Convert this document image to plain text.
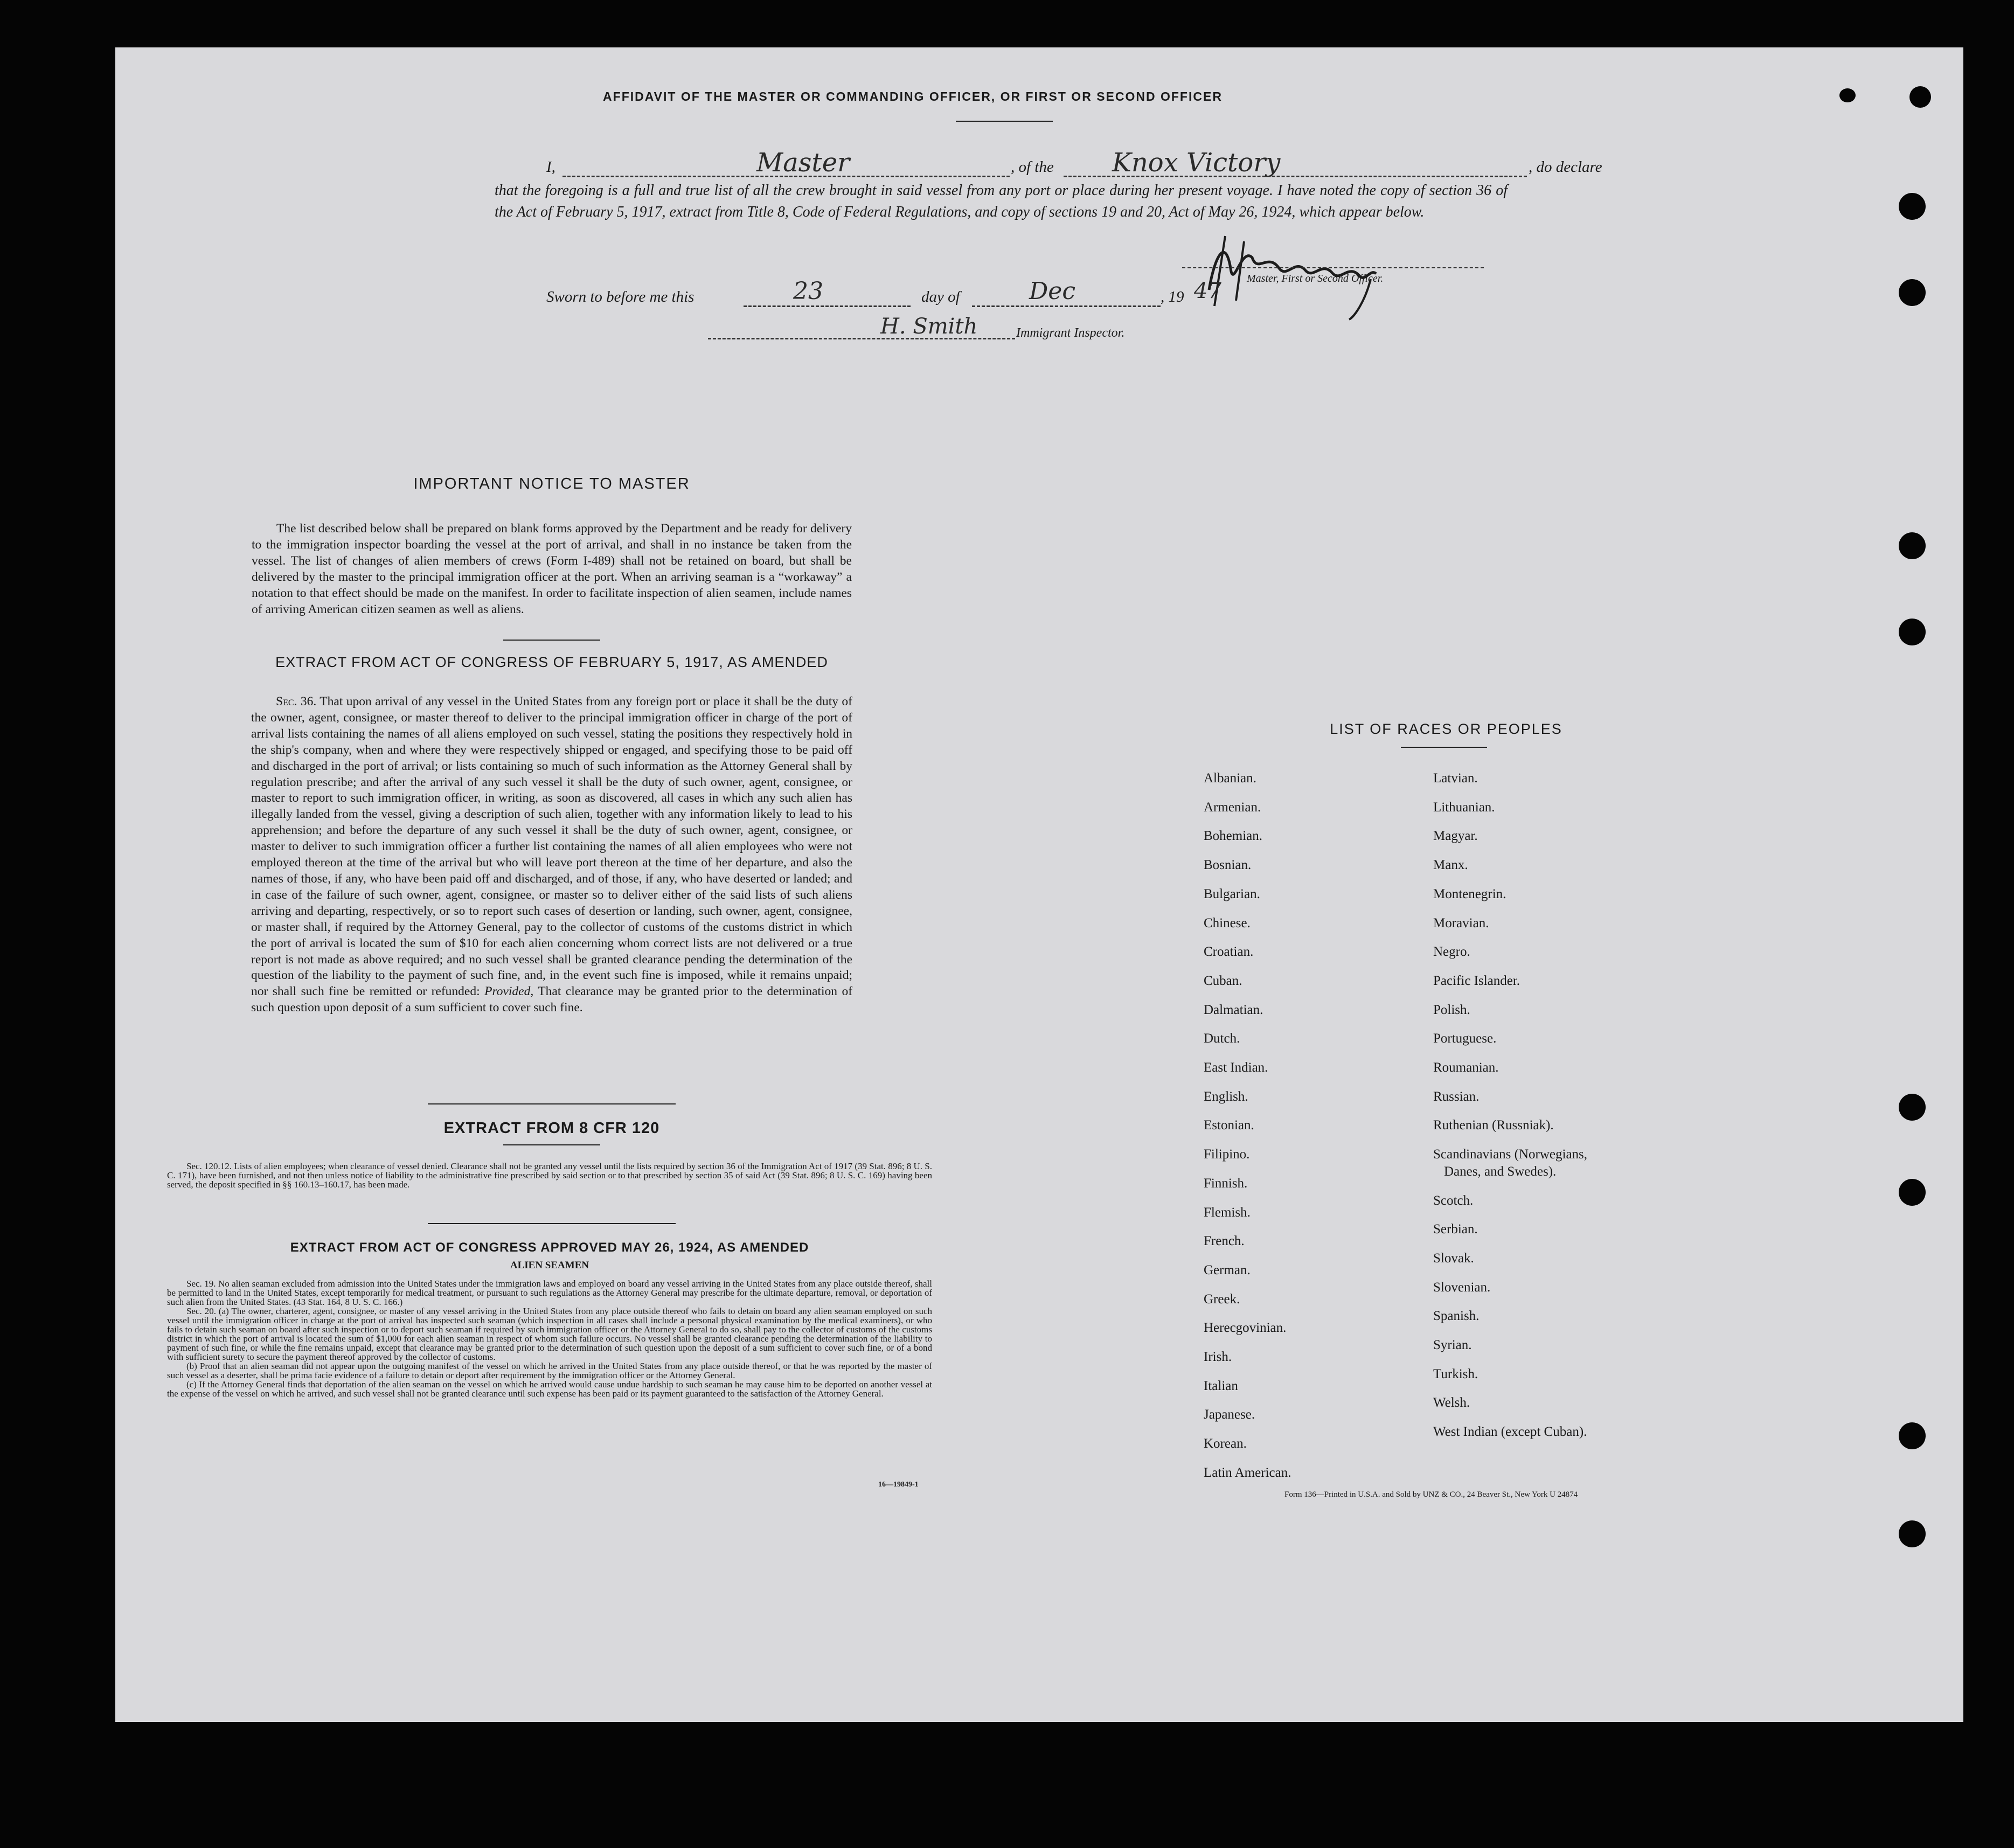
AFFIDAVIT OF THE MASTER OR COMMANDING OFFICER, OR FIRST OR SECOND OFFICER
I,	Master	, of the Knox Victory	, do declare
that the foregoing is a full and true list of all the crew brought in said vessel from any port or place during her present voyage. I have noted the copy of section 36 of the Act of February 5, 1917, extract from Title 8, Code of Federal Regulations, and copy of sections 19 and 20, Act of May 26, 1924, which appear below.
Master, First or Second Officer.
Sworn to before me this	23	day of	Dec	, 19 47
H. Smith	Immigrant Inspector.
IMPORTANT NOTICE TO MASTER
The list described below shall be prepared on blank forms approved by the Department and be ready for delivery to the immigration inspector boarding the vessel at the port of arrival, and shall in no instance be taken from the vessel. The list of changes of alien members of crews (Form I-489) shall not be retained on board, but shall be delivered by the master to the principal immigration officer at the port. When an arriving seaman is a “workaway” a notation to that effect should be made on the manifest. In order to facilitate inspection of alien seamen, include names of arriving American citizen seamen as well as aliens.
EXTRACT FROM ACT OF CONGRESS OF FEBRUARY 5, 1917, AS AMENDED
Sec. 36. That upon arrival of any vessel in the United States from any foreign port or place it shall be the duty of the owner, agent, consignee, or master thereof to deliver to the principal immigration officer in charge of the port of arrival lists containing the names of all aliens employed on such vessel, stating the positions they respectively hold in the ship's company, when and where they were respectively shipped or engaged, and specifying those to be paid off and discharged in the port of arrival; or lists containing so much of such information as the Attorney General shall by regulation prescribe; and after the arrival of any such vessel it shall be the duty of such owner, agent, consignee, or master to report to such immigration officer, in writing, as soon as discovered, all cases in which any such alien has illegally landed from the vessel, giving a description of such alien, together with any information likely to lead to his apprehension; and before the departure of any such vessel it shall be the duty of such owner, agent, consignee, or master to deliver to such immigration officer a further list containing the names of all alien employees who were not employed thereon at the time of the arrival but who will leave port thereon at the time of her departure, and also the names of those, if any, who have been paid off and discharged, and of those, if any, who have deserted or landed; and in case of the failure of such owner, agent, consignee, or master so to deliver either of the said lists of such aliens arriving and departing, respectively, or so to report such cases of desertion or landing, such owner, agent, consignee, or master shall, if required by the Attorney General, pay to the collector of customs of the customs district in which the port of arrival is located the sum of $10 for each alien concerning whom correct lists are not delivered or a true report is not made as above required; and no such vessel shall be granted clearance pending the determination of the question of the liability to the payment of such fine, and, in the event such fine is imposed, while it remains unpaid; nor shall such fine be remitted or refunded: Provided, That clearance may be granted prior to the determination of such question upon deposit of a sum sufficient to cover such fine.
EXTRACT FROM 8 CFR 120
Sec. 120.12. Lists of alien employees; when clearance of vessel denied. Clearance shall not be granted any vessel until the lists required by section 36 of the Immigration Act of 1917 (39 Stat. 896; 8 U. S. C. 171), have been furnished, and not then unless notice of liability to the administrative fine prescribed by said section or to that prescribed by section 35 of said Act (39 Stat. 896; 8 U. S. C. 169) having been served, the deposit specified in §§ 160.13–160.17, has been made.
EXTRACT FROM ACT OF CONGRESS APPROVED MAY 26, 1924, AS AMENDED
ALIEN SEAMEN
Sec. 19. No alien seaman excluded from admission into the United States under the immigration laws and employed on board any vessel arriving in the United States from any place outside thereof, shall be permitted to land in the United States, except temporarily for medical treatment, or pursuant to such regulations as the Attorney General may prescribe for the ultimate departure, removal, or deportation of such alien from the United States. (43 Stat. 164, 8 U. S. C. 166.)
Sec. 20. (a) The owner, charterer, agent, consignee, or master of any vessel arriving in the United States from any place outside thereof who fails to detain on board any alien seaman employed on such vessel until the immigration officer in charge at the port of arrival has inspected such seaman (which inspection in all cases shall include a personal physical examination by the medical examiners), or who fails to detain such seaman on board after such inspection or to deport such seaman if required by such immigration officer or the Attorney General to do so, shall pay to the collector of customs of the customs district in which the port of arrival is located the sum of $1,000 for each alien seaman in respect of whom such failure occurs. No vessel shall be granted clearance pending the determination of the liability to payment of such fine, or while the fine remains unpaid, except that clearance may be granted prior to the determination of such question upon the deposit of a sum sufficient to cover such fine, or of a bond with sufficient surety to secure the payment thereof approved by the collector of customs.
(b) Proof that an alien seaman did not appear upon the outgoing manifest of the vessel on which he arrived in the United States from any place outside thereof, or that he was reported by the master of such vessel as a deserter, shall be prima facie evidence of a failure to detain or deport after requirement by the immigration officer or the Attorney General.
(c) If the Attorney General finds that deportation of the alien seaman on the vessel on which he arrived would cause undue hardship to such seaman he may cause him to be deported on another vessel at the expense of the vessel on which he arrived, and such vessel shall not be granted clearance until such expense has been paid or its payment guaranteed to the satisfaction of the Attorney General.
16—19849-1
LIST OF RACES OR PEOPLES
Albanian.
Armenian.
Bohemian.
Bosnian.
Bulgarian.
Chinese.
Croatian.
Cuban.
Dalmatian.
Dutch.
East Indian.
English.
Estonian.
Filipino.
Finnish.
Flemish.
French.
German.
Greek.
Herecgovinian.
Irish.
Italian
Japanese.
Korean.
Latin American.
Latvian.
Lithuanian.
Magyar.
Manx.
Montenegrin.
Moravian.
Negro.
Pacific Islander.
Polish.
Portuguese.
Roumanian.
Russian.
Ruthenian (Russniak).
Scandinavians (Norwegians,
Danes, and Swedes).
Scotch.
Serbian.
Slovak.
Slovenian.
Spanish.
Syrian.
Turkish.
Welsh.
West Indian (except Cuban).
Form 136—Printed in U.S.A. and Sold by UNZ & CO., 24 Beaver St., New York U 24874
